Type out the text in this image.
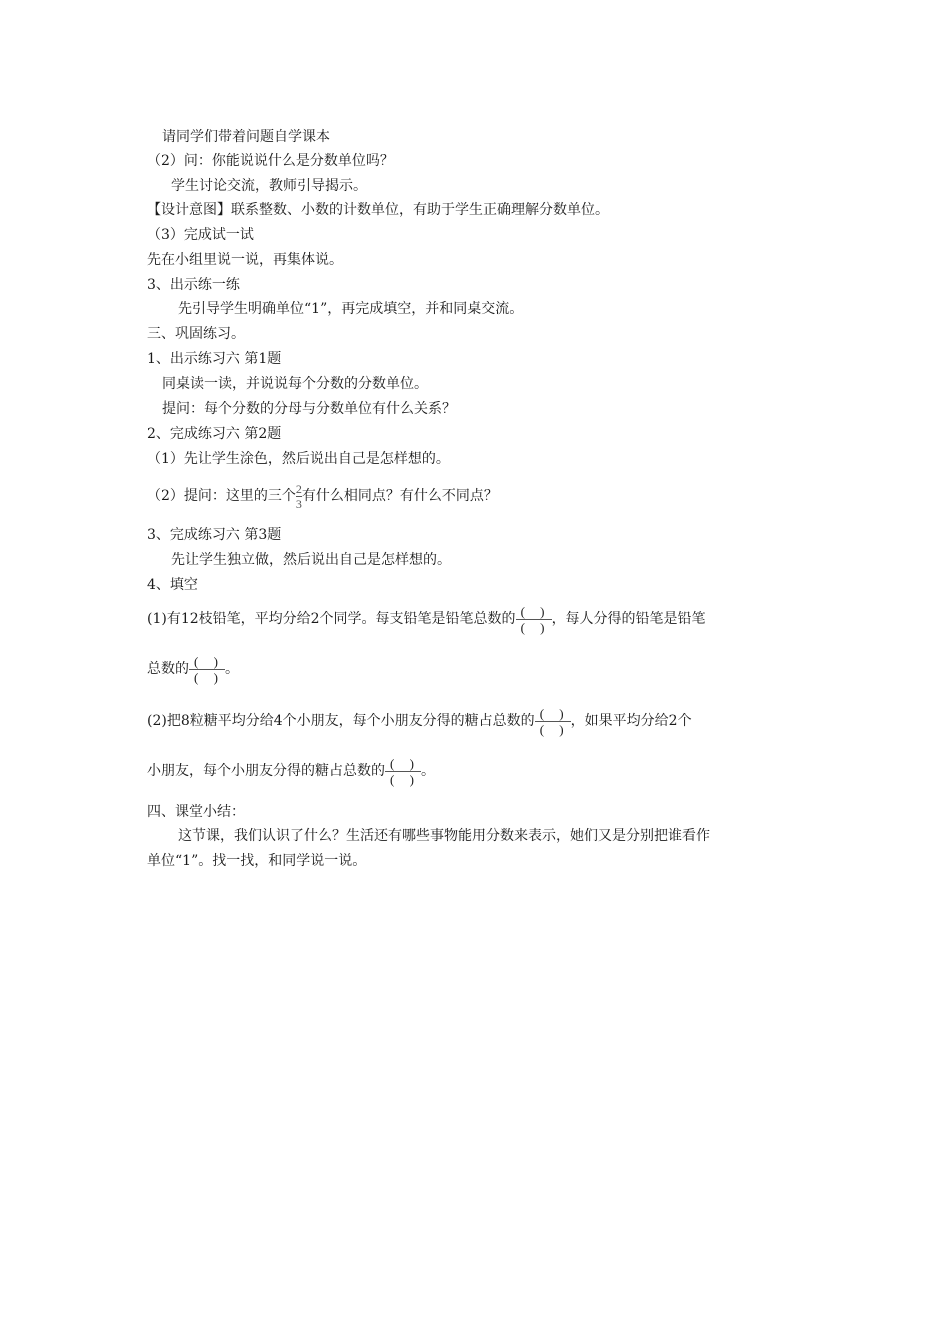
请同学们带着问题自学课本
（2）问：你能说说什么是分数单位吗？
学生讨论交流，教师引导揭示。
【设计意图】联系整数、小数的计数单位，有助于学生正确理解分数单位。
（3）完成试一试
先在小组里说一说，再集体说。
3、出示练一练
先引导学生明确单位“1”，再完成填空，并和同桌交流。
三、巩固练习。
1、出示练习六 第1题
同桌读一读，并说说每个分数的分数单位。
提问：每个分数的分母与分数单位有什么关系？
2、完成练习六 第2题
（1）先让学生涂色，然后说出自己是怎样想的。
（2）提问：这里的三个 $\frac{2}{3}$ 有什么相同点？有什么不同点？
3、完成练习六 第3题
先让学生独立做，然后说出自己是怎样想的。
4、填空
(1)有12枝铅笔，平均分给2个同学。每支铅笔是铅笔总数的 $\frac{( )}{( )}$ ，每人分得的铅笔是铅笔
总数的 $\frac{( )}{( )}$ 。
(2)把8粒糖平均分给4个小朋友，每个小朋友分得的糖占总数的 $\frac{( )}{( )}$ ，如果平均分给2个
小朋友，每个小朋友分得的糖占总数的 $\frac{( )}{( )}$ 。
四、课堂小结：
这节课，我们认识了什么？生活还有哪些事物能用分数来表示，她们又是分别把谁看作
单位“1”。找一找，和同学说一说。
